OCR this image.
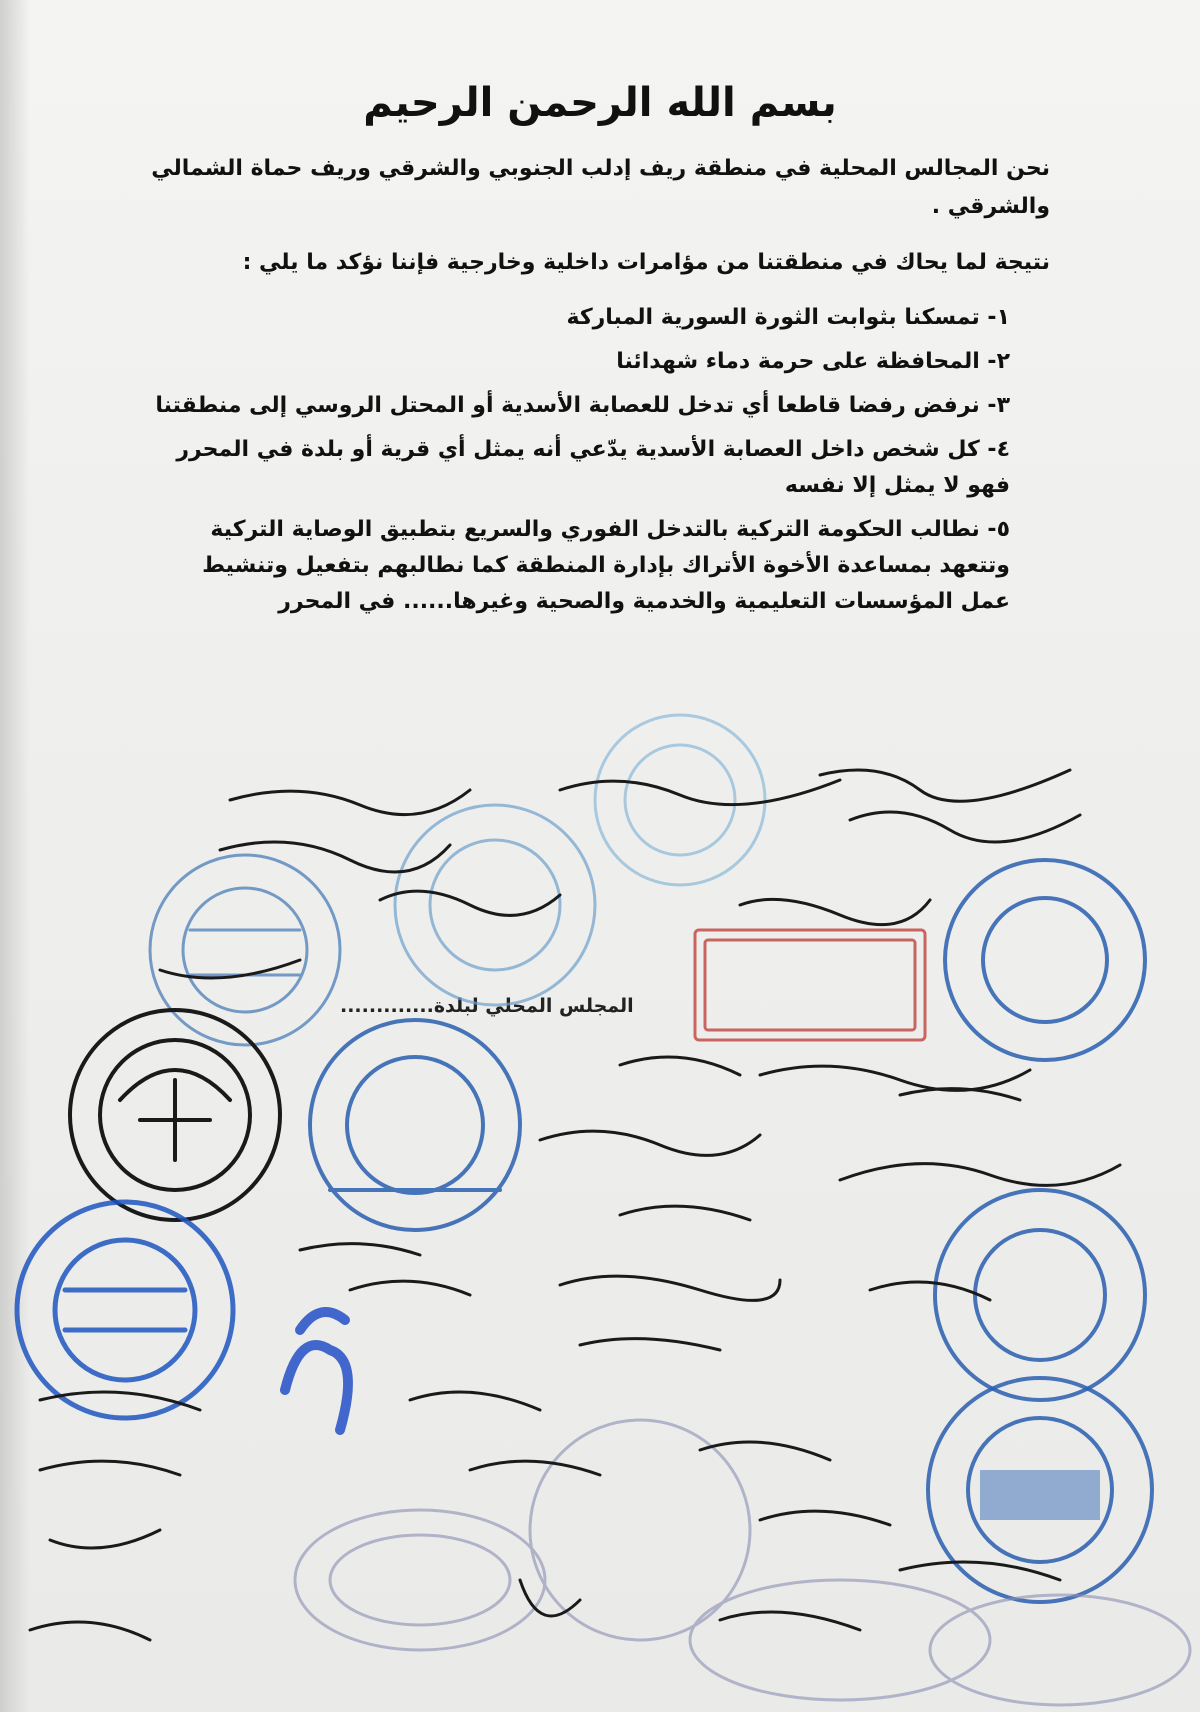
بسم الله الرحمن الرحيم

نحن المجالس المحلية في منطقة ريف إدلب الجنوبي والشرقي وريف حماة الشمالي والشرقي .

نتيجة لما يحاك في منطقتنا من مؤامرات داخلية وخارجية فإننا نؤكد ما يلي :

١- تمسكنا بثوابت الثورة السورية المباركة
٢- المحافظة على حرمة دماء شهدائنا
٣- نرفض رفضا قاطعا أي تدخل للعصابة الأسدية أو المحتل الروسي إلى منطقتنا
٤- كل شخص داخل العصابة الأسدية يدّعي أنه يمثل أي قرية أو بلدة في المحرر فهو لا يمثل إلا نفسه
٥- نطالب الحكومة التركية بالتدخل الفوري والسريع بتطبيق الوصاية التركية وتتعهد بمساعدة الأخوة الأتراك بإدارة المنطقة كما نطالبهم بتفعيل وتنشيط عمل المؤسسات التعليمية والخدمية والصحية وغيرها...... في المحرر
المجلس المحلي لبلدة.............
